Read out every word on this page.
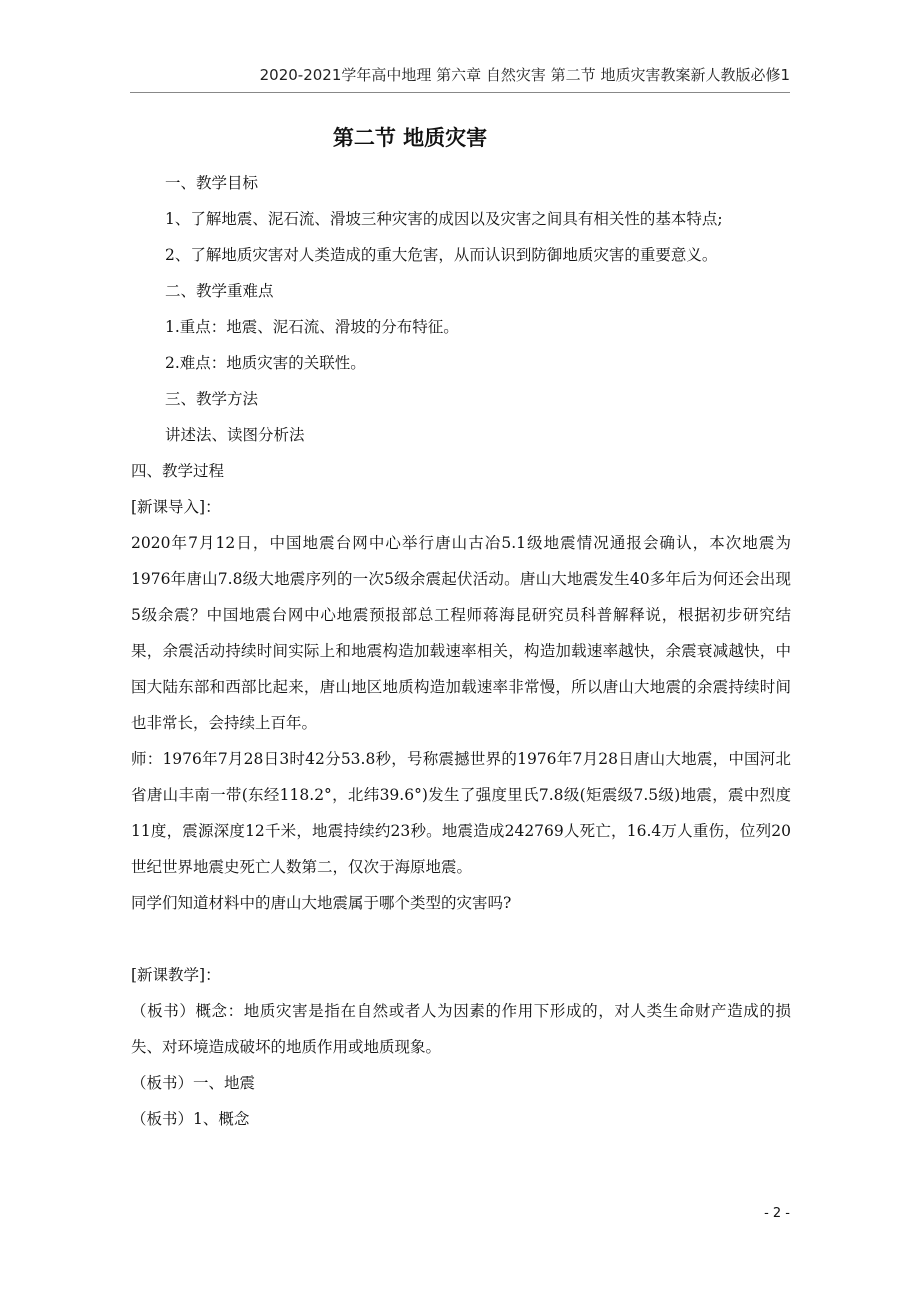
2020-2021学年高中地理 第六章 自然灾害 第二节 地质灾害教案新人教版必修1
第二节 地质灾害

一、教学目标

1、了解地震、泥石流、滑坡三种灾害的成因以及灾害之间具有相关性的基本特点;

2、了解地质灾害对人类造成的重大危害，从而认识到防御地质灾害的重要意义。

二、教学重难点

1.重点：地震、泥石流、滑坡的分布特征。

2.难点：地质灾害的关联性。

三、教学方法

讲述法、读图分析法

四、教学过程

[新课导入]：

2020年7月12日，中国地震台网中心举行唐山古冶5.1级地震情况通报会确认，本次地震为1976年唐山7.8级大地震序列的一次5级余震起伏活动。唐山大地震发生40多年后为何还会出现5级余震？中国地震台网中心地震预报部总工程师蒋海昆研究员科普解释说，根据初步研究结果，余震活动持续时间实际上和地震构造加载速率相关，构造加载速率越快，余震衰减越快，中国大陆东部和西部比起来，唐山地区地质构造加载速率非常慢，所以唐山大地震的余震持续时间也非常长，会持续上百年。

师：1976年7月28日3时42分53.8秒，号称震撼世界的1976年7月28日唐山大地震，中国河北省唐山丰南一带(东经118.2°，北纬39.6°)发生了强度里氏7.8级(矩震级7.5级)地震，震中烈度11度，震源深度12千米，地震持续约23秒。地震造成242769人死亡，16.4万人重伤，位列20世纪世界地震史死亡人数第二，仅次于海原地震。

同学们知道材料中的唐山大地震属于哪个类型的灾害吗?

[新课教学]：

（板书）概念：地质灾害是指在自然或者人为因素的作用下形成的，对人类生命财产造成的损失、对环境造成破坏的地质作用或地质现象。

（板书）一、地震

（板书）1、概念

- 2 -
